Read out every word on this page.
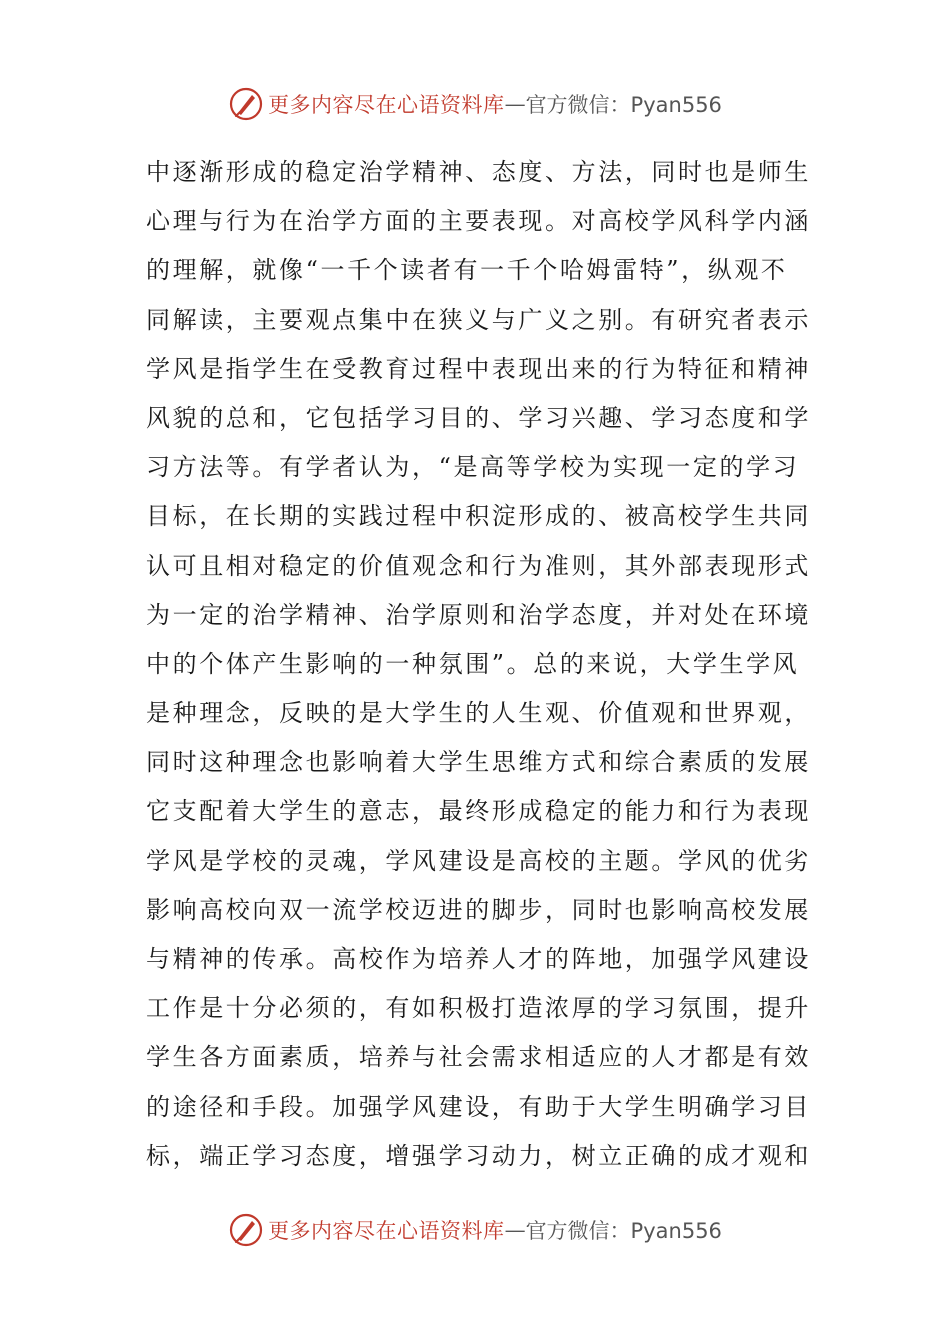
更多内容尽在心语资料库 — 官方微信：Pyan556
中逐渐形成的稳定治学精神、态度、方法，同时也是师生
心理与行为在治学方面的主要表现。对高校学风科学内涵
的理解，就像“一千个读者有一千个哈姆雷特”，纵观不
同解读，主要观点集中在狭义与广义之别。有研究者表示
学风是指学生在受教育过程中表现出来的行为特征和精神
风貌的总和，它包括学习目的、学习兴趣、学习态度和学
习方法等。有学者认为，“是高等学校为实现一定的学习
目标，在长期的实践过程中积淀形成的、被高校学生共同
认可且相对稳定的价值观念和行为准则，其外部表现形式
为一定的治学精神、治学原则和治学态度，并对处在环境
中的个体产生影响的一种氛围”。总的来说，大学生学风
是种理念，反映的是大学生的人生观、价值观和世界观，
同时这种理念也影响着大学生思维方式和综合素质的发展
它支配着大学生的意志，最终形成稳定的能力和行为表现
学风是学校的灵魂，学风建设是高校的主题。学风的优劣
影响高校向双一流学校迈进的脚步，同时也影响高校发展
与精神的传承。高校作为培养人才的阵地，加强学风建设
工作是十分必须的，有如积极打造浓厚的学习氛围，提升
学生各方面素质，培养与社会需求相适应的人才都是有效
的途径和手段。加强学风建设，有助于大学生明确学习目
标，端正学习态度，增强学习动力，树立正确的成才观和
更多内容尽在心语资料库 — 官方微信：Pyan556
